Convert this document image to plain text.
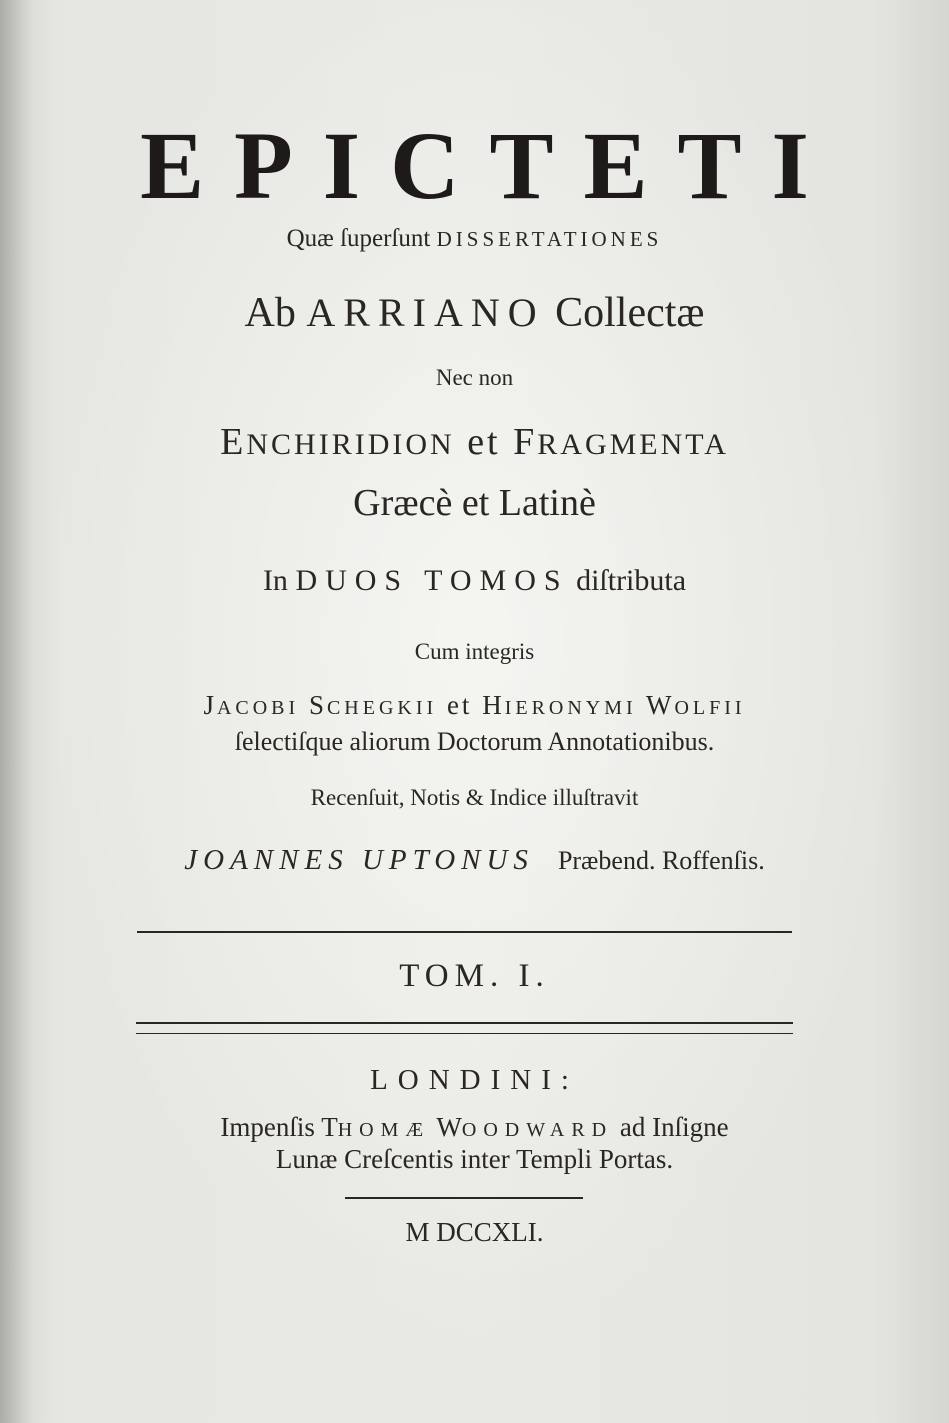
EPICTETI
Quæ ſuperſunt DISSERTATIONES
Ab ARRIANO Collectæ
Nec non
ENCHIRIDION et FRAGMENTA
Græcè et Latinè
In DUOS TOMOS diſtributa
Cum integris
JACOBI SCHEGKII et HIERONYMI WOLFII
ſelectiſque aliorum Doctorum Annotationibus.
Recenſuit, Notis & Indice illuſtravit
JOANNES UPTONUS Præbend. Roffenſis.
TOM. I.
LONDINI:
Impenſis THOMÆ WOODWARD ad Inſigne
Lunæ Creſcentis inter Templi Portas.
M DCCXLI.
